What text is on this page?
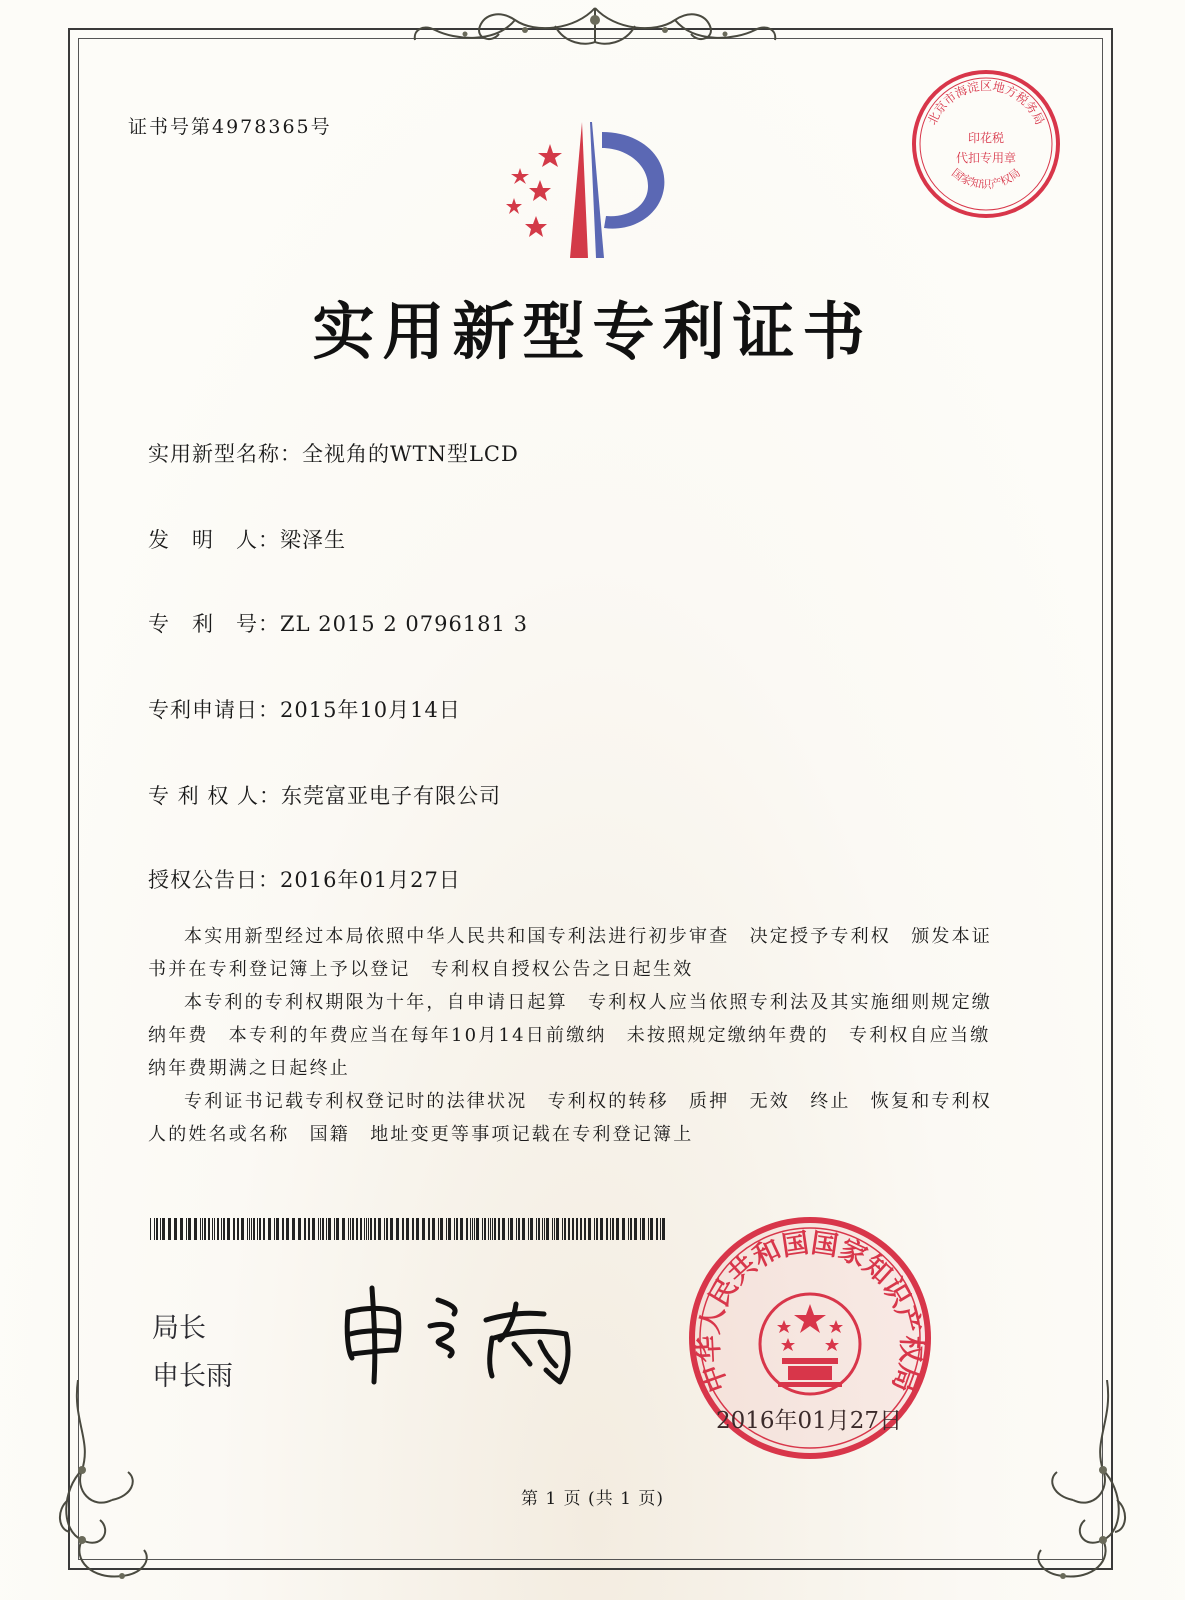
证书号第4978365号	北京市海淀区地方税务局
国家知识产权局
印花税
代扣专用章
实用新型专利证书
实用新型名称：全视角的WTN型LCD
发　明　人：梁泽生
专　利　号：ZL 2015 2 0796181 3
专利申请日：2015年10月14日
专 利 权 人：东莞富亚电子有限公司
授权公告日：2016年01月27日

本实用新型经过本局依照中华人民共和国专利法进行初步审查　决定授予专利权　颁发本证书并在专利登记簿上予以登记　专利权自授权公告之日起生效

本专利的专利权期限为十年，自申请日起算　专利权人应当依照专利法及其实施细则规定缴纳年费　本专利的年费应当在每年10月14日前缴纳　未按照规定缴纳年费的　专利权自应当缴纳年费期满之日起终止

专利证书记载专利权登记时的法律状况　专利权的转移　质押　无效　终止　恢复和专利权人的姓名或名称　国籍　地址变更等事项记载在专利登记簿上

局长
申长雨	中华人民共和国国家知识产权局
2016年01月27日
第 1 页 (共 1 页)
